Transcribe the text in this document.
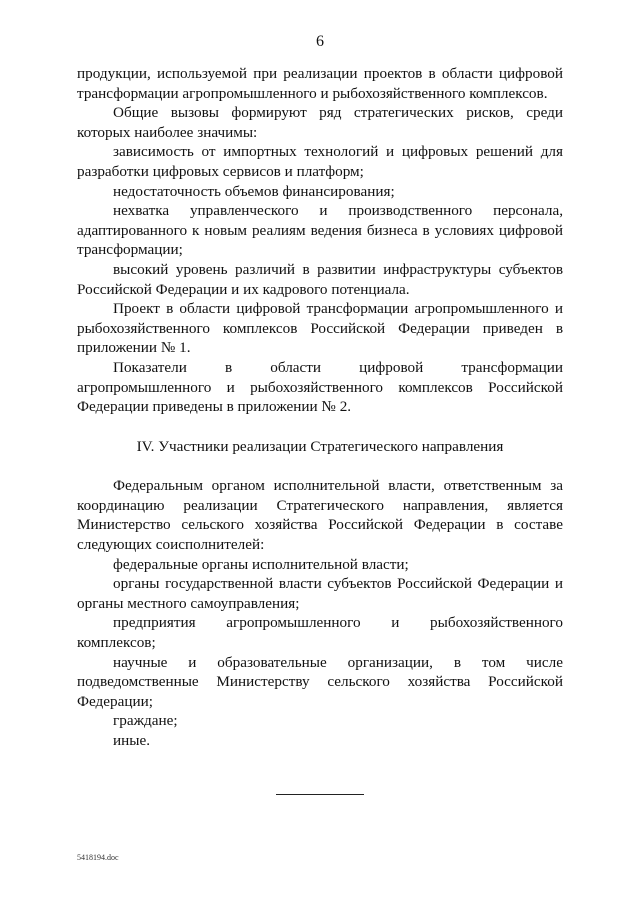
6

продукции, используемой при реализации проектов в области цифровой трансформации агропромышленного и рыбохозяйственного комплексов.

Общие вызовы формируют ряд стратегических рисков, среди которых наиболее значимы:

зависимость от импортных технологий и цифровых решений для разработки цифровых сервисов и платформ;

недостаточность объемов финансирования;

нехватка управленческого и производственного персонала, адаптированного к новым реалиям ведения бизнеса в условиях цифровой трансформации;

высокий уровень различий в развитии инфраструктуры субъектов Российской Федерации и их кадрового потенциала.

Проект в области цифровой трансформации агропромышленного и рыбохозяйственного комплексов Российской Федерации приведен в приложении № 1.

Показатели в области цифровой трансформации агропромышленного и рыбохозяйственного комплексов Российской Федерации приведены в приложении № 2.

IV. Участники реализации Стратегического направления

Федеральным органом исполнительной власти, ответственным за координацию реализации Стратегического направления, является Министерство сельского хозяйства Российской Федерации в составе следующих соисполнителей:

федеральные органы исполнительной власти;

органы государственной власти субъектов Российской Федерации и органы местного самоуправления;

предприятия агропромышленного и рыбохозяйственного комплексов;

научные и образовательные организации, в том числе подведомственные Министерству сельского хозяйства Российской Федерации;

граждане;

иные.

5418194.doc
